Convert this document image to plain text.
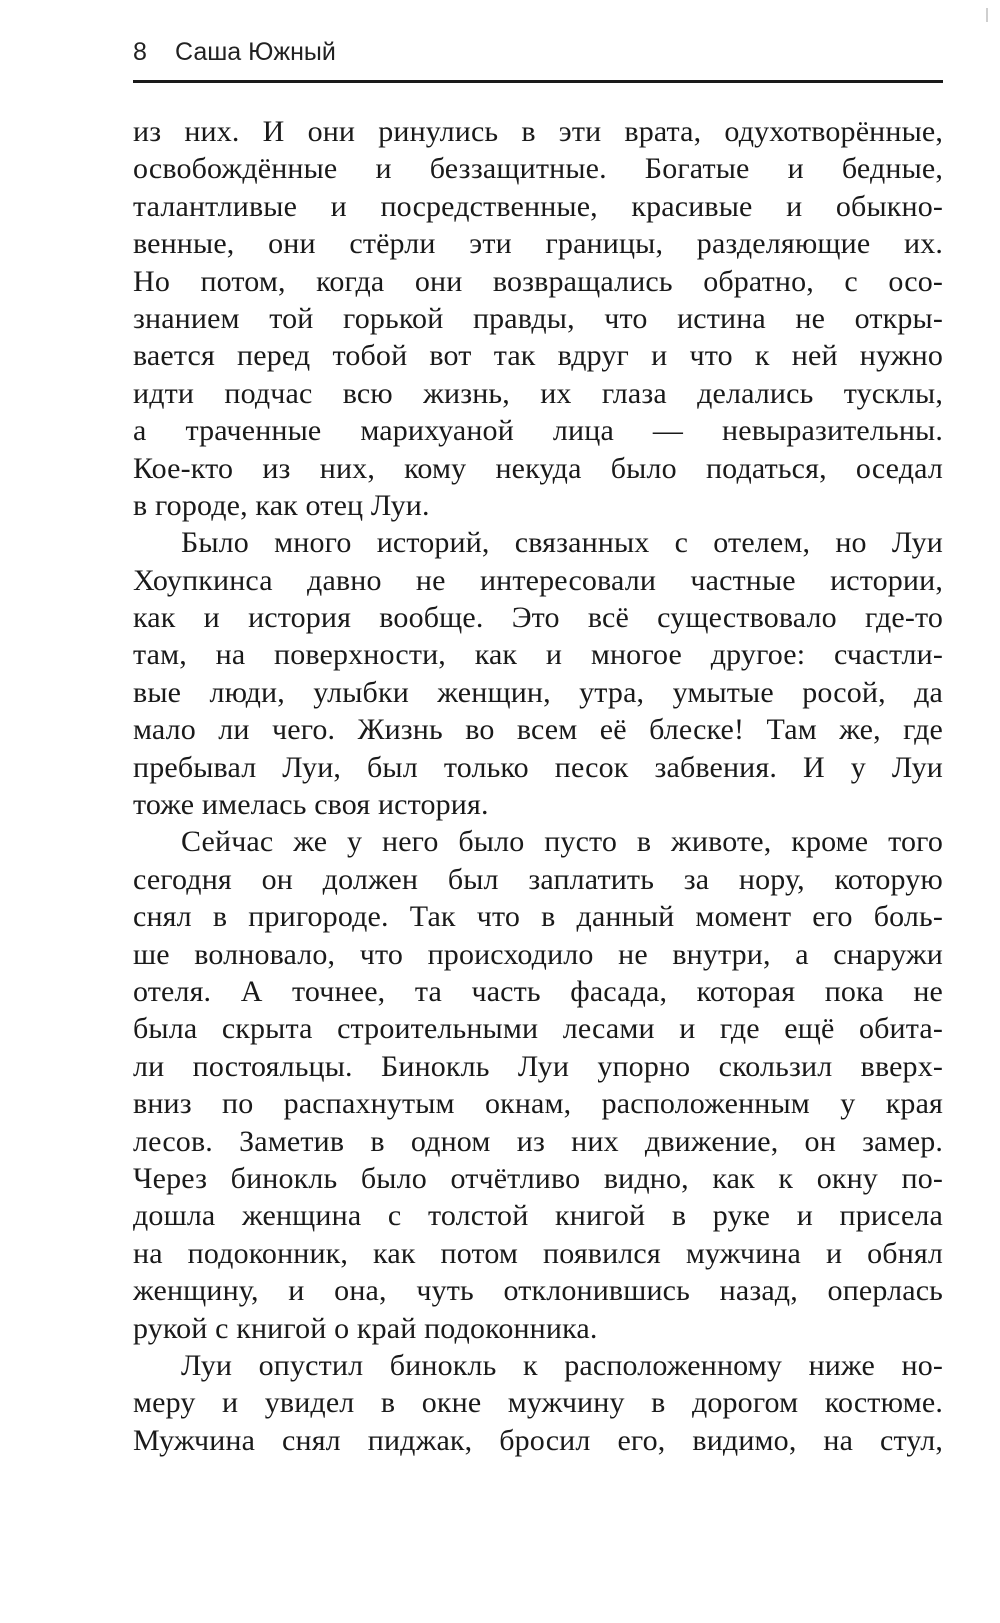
8 Саша Южный
из них. И они ринулись в эти врата, одухотворённые,
освобождённые и беззащитные. Богатые и бедные,
талантливые и посредственные, красивые и обыкно-
венные, они стёрли эти границы, разделяющие их.
Но потом, когда они возвращались обратно, с осо-
знанием той горькой правды, что истина не откры-
вается перед тобой вот так вдруг и что к ней нужно
идти подчас всю жизнь, их глаза делались тусклы,
а траченные марихуаной лица — невыразительны.
Кое-кто из них, кому некуда было податься, оседал
в городе, как отец Луи.
Было много историй, связанных с отелем, но Луи
Хоупкинса давно не интересовали частные истории,
как и история вообще. Это всё существовало где-то
там, на поверхности, как и многое другое: счастли-
вые люди, улыбки женщин, утра, умытые росой, да
мало ли чего. Жизнь во всем её блеске! Там же, где
пребывал Луи, был только песок забвения. И у Луи
тоже имелась своя история.
Сейчас же у него было пусто в животе, кроме того
сегодня он должен был заплатить за нору, которую
снял в пригороде. Так что в данный момент его боль-
ше волновало, что происходило не внутри, а снаружи
отеля. А точнее, та часть фасада, которая пока не
была скрыта строительными лесами и где ещё обита-
ли постояльцы. Бинокль Луи упорно скользил вверх-
вниз по распахнутым окнам, расположенным у края
лесов. Заметив в одном из них движение, он замер.
Через бинокль было отчётливо видно, как к окну по-
дошла женщина с толстой книгой в руке и присела
на подоконник, как потом появился мужчина и обнял
женщину, и она, чуть отклонившись назад, оперлась
рукой с книгой о край подоконника.
Луи опустил бинокль к расположенному ниже но-
меру и увидел в окне мужчину в дорогом костюме.
Мужчина снял пиджак, бросил его, видимо, на стул,
